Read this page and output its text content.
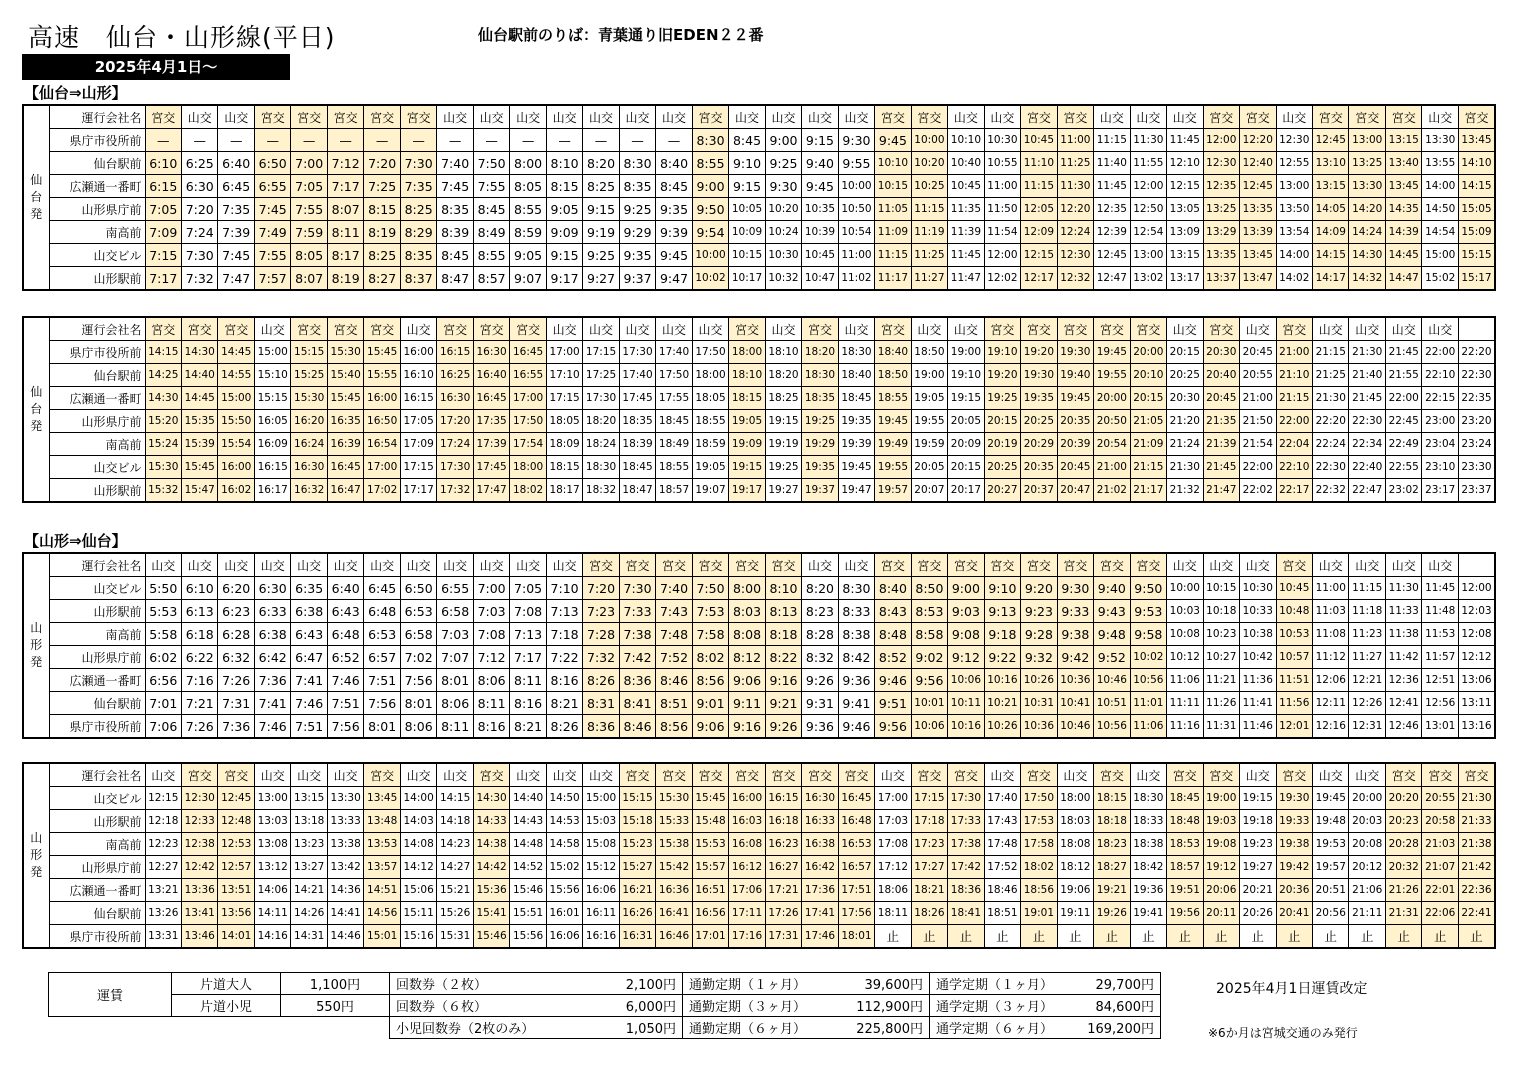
高速　仙台・山形線(平日)	仙台駅前のりば：青葉通り旧EDEN２２番
2025年4月1日～
【仙台⇒山形】
仙
台
発	運行会社名	宮交	山交	山交	宮交	宮交	宮交	宮交	宮交	山交	山交	山交	山交	山交	山交	山交	宮交	山交	山交	山交	山交	宮交	宮交	山交	山交	宮交	宮交	山交	山交	山交	宮交	宮交	山交	宮交	宮交	宮交	山交	宮交
	県庁市役所前	—	—	—	—	—	—	—	—	—	—	—	—	—	—	—	8:30	8:45	9:00	9:15	9:30	9:45	10:00	10:10	10:30	10:45	11:00	11:15	11:30	11:45	12:00	12:20	12:30	12:45	13:00	13:15	13:30	13:45
	仙台駅前	6:10	6:25	6:40	6:50	7:00	7:12	7:20	7:30	7:40	7:50	8:00	8:10	8:20	8:30	8:40	8:55	9:10	9:25	9:40	9:55	10:10	10:20	10:40	10:55	11:10	11:25	11:40	11:55	12:10	12:30	12:40	12:55	13:10	13:25	13:40	13:55	14:10
	広瀬通一番町	6:15	6:30	6:45	6:55	7:05	7:17	7:25	7:35	7:45	7:55	8:05	8:15	8:25	8:35	8:45	9:00	9:15	9:30	9:45	10:00	10:15	10:25	10:45	11:00	11:15	11:30	11:45	12:00	12:15	12:35	12:45	13:00	13:15	13:30	13:45	14:00	14:15
	山形県庁前	7:05	7:20	7:35	7:45	7:55	8:07	8:15	8:25	8:35	8:45	8:55	9:05	9:15	9:25	9:35	9:50	10:05	10:20	10:35	10:50	11:05	11:15	11:35	11:50	12:05	12:20	12:35	12:50	13:05	13:25	13:35	13:50	14:05	14:20	14:35	14:50	15:05
	南高前	7:09	7:24	7:39	7:49	7:59	8:11	8:19	8:29	8:39	8:49	8:59	9:09	9:19	9:29	9:39	9:54	10:09	10:24	10:39	10:54	11:09	11:19	11:39	11:54	12:09	12:24	12:39	12:54	13:09	13:29	13:39	13:54	14:09	14:24	14:39	14:54	15:09
	山交ビル	7:15	7:30	7:45	7:55	8:05	8:17	8:25	8:35	8:45	8:55	9:05	9:15	9:25	9:35	9:45	10:00	10:15	10:30	10:45	11:00	11:15	11:25	11:45	12:00	12:15	12:30	12:45	13:00	13:15	13:35	13:45	14:00	14:15	14:30	14:45	15:00	15:15
	山形駅前	7:17	7:32	7:47	7:57	8:07	8:19	8:27	8:37	8:47	8:57	9:07	9:17	9:27	9:37	9:47	10:02	10:17	10:32	10:47	11:02	11:17	11:27	11:47	12:02	12:17	12:32	12:47	13:02	13:17	13:37	13:47	14:02	14:17	14:32	14:47	15:02	15:17
仙
台
発	運行会社名	宮交	宮交	宮交	山交	宮交	宮交	宮交	山交	宮交	宮交	宮交	山交	山交	山交	山交	山交	宮交	山交	宮交	山交	宮交	山交	山交	宮交	宮交	宮交	宮交	宮交	山交	宮交	山交	宮交	山交	山交	山交	山交	
	県庁市役所前	14:15	14:30	14:45	15:00	15:15	15:30	15:45	16:00	16:15	16:30	16:45	17:00	17:15	17:30	17:40	17:50	18:00	18:10	18:20	18:30	18:40	18:50	19:00	19:10	19:20	19:30	19:45	20:00	20:15	20:30	20:45	21:00	21:15	21:30	21:45	22:00	22:20
	仙台駅前	14:25	14:40	14:55	15:10	15:25	15:40	15:55	16:10	16:25	16:40	16:55	17:10	17:25	17:40	17:50	18:00	18:10	18:20	18:30	18:40	18:50	19:00	19:10	19:20	19:30	19:40	19:55	20:10	20:25	20:40	20:55	21:10	21:25	21:40	21:55	22:10	22:30
	広瀬通一番町	14:30	14:45	15:00	15:15	15:30	15:45	16:00	16:15	16:30	16:45	17:00	17:15	17:30	17:45	17:55	18:05	18:15	18:25	18:35	18:45	18:55	19:05	19:15	19:25	19:35	19:45	20:00	20:15	20:30	20:45	21:00	21:15	21:30	21:45	22:00	22:15	22:35
	山形県庁前	15:20	15:35	15:50	16:05	16:20	16:35	16:50	17:05	17:20	17:35	17:50	18:05	18:20	18:35	18:45	18:55	19:05	19:15	19:25	19:35	19:45	19:55	20:05	20:15	20:25	20:35	20:50	21:05	21:20	21:35	21:50	22:00	22:20	22:30	22:45	23:00	23:20
	南高前	15:24	15:39	15:54	16:09	16:24	16:39	16:54	17:09	17:24	17:39	17:54	18:09	18:24	18:39	18:49	18:59	19:09	19:19	19:29	19:39	19:49	19:59	20:09	20:19	20:29	20:39	20:54	21:09	21:24	21:39	21:54	22:04	22:24	22:34	22:49	23:04	23:24
	山交ビル	15:30	15:45	16:00	16:15	16:30	16:45	17:00	17:15	17:30	17:45	18:00	18:15	18:30	18:45	18:55	19:05	19:15	19:25	19:35	19:45	19:55	20:05	20:15	20:25	20:35	20:45	21:00	21:15	21:30	21:45	22:00	22:10	22:30	22:40	22:55	23:10	23:30
	山形駅前	15:32	15:47	16:02	16:17	16:32	16:47	17:02	17:17	17:32	17:47	18:02	18:17	18:32	18:47	18:57	19:07	19:17	19:27	19:37	19:47	19:57	20:07	20:17	20:27	20:37	20:47	21:02	21:17	21:32	21:47	22:02	22:17	22:32	22:47	23:02	23:17	23:37
【山形⇒仙台】
山
形
発	運行会社名	山交	山交	山交	山交	山交	山交	山交	山交	山交	山交	山交	山交	宮交	宮交	宮交	宮交	宮交	宮交	山交	山交	宮交	宮交	宮交	宮交	宮交	宮交	宮交	宮交	山交	山交	山交	宮交	山交	山交	山交	山交	
	山交ビル	5:50	6:10	6:20	6:30	6:35	6:40	6:45	6:50	6:55	7:00	7:05	7:10	7:20	7:30	7:40	7:50	8:00	8:10	8:20	8:30	8:40	8:50	9:00	9:10	9:20	9:30	9:40	9:50	10:00	10:15	10:30	10:45	11:00	11:15	11:30	11:45	12:00
	山形駅前	5:53	6:13	6:23	6:33	6:38	6:43	6:48	6:53	6:58	7:03	7:08	7:13	7:23	7:33	7:43	7:53	8:03	8:13	8:23	8:33	8:43	8:53	9:03	9:13	9:23	9:33	9:43	9:53	10:03	10:18	10:33	10:48	11:03	11:18	11:33	11:48	12:03
	南高前	5:58	6:18	6:28	6:38	6:43	6:48	6:53	6:58	7:03	7:08	7:13	7:18	7:28	7:38	7:48	7:58	8:08	8:18	8:28	8:38	8:48	8:58	9:08	9:18	9:28	9:38	9:48	9:58	10:08	10:23	10:38	10:53	11:08	11:23	11:38	11:53	12:08
	山形県庁前	6:02	6:22	6:32	6:42	6:47	6:52	6:57	7:02	7:07	7:12	7:17	7:22	7:32	7:42	7:52	8:02	8:12	8:22	8:32	8:42	8:52	9:02	9:12	9:22	9:32	9:42	9:52	10:02	10:12	10:27	10:42	10:57	11:12	11:27	11:42	11:57	12:12
	広瀬通一番町	6:56	7:16	7:26	7:36	7:41	7:46	7:51	7:56	8:01	8:06	8:11	8:16	8:26	8:36	8:46	8:56	9:06	9:16	9:26	9:36	9:46	9:56	10:06	10:16	10:26	10:36	10:46	10:56	11:06	11:21	11:36	11:51	12:06	12:21	12:36	12:51	13:06
	仙台駅前	7:01	7:21	7:31	7:41	7:46	7:51	7:56	8:01	8:06	8:11	8:16	8:21	8:31	8:41	8:51	9:01	9:11	9:21	9:31	9:41	9:51	10:01	10:11	10:21	10:31	10:41	10:51	11:01	11:11	11:26	11:41	11:56	12:11	12:26	12:41	12:56	13:11
	県庁市役所前	7:06	7:26	7:36	7:46	7:51	7:56	8:01	8:06	8:11	8:16	8:21	8:26	8:36	8:46	8:56	9:06	9:16	9:26	9:36	9:46	9:56	10:06	10:16	10:26	10:36	10:46	10:56	11:06	11:16	11:31	11:46	12:01	12:16	12:31	12:46	13:01	13:16
山
形
発	運行会社名	山交	宮交	宮交	山交	山交	山交	宮交	山交	山交	宮交	山交	山交	山交	宮交	宮交	宮交	宮交	宮交	宮交	宮交	山交	宮交	宮交	山交	宮交	山交	宮交	山交	宮交	宮交	山交	宮交	山交	山交	宮交	宮交	宮交
	山交ビル	12:15	12:30	12:45	13:00	13:15	13:30	13:45	14:00	14:15	14:30	14:40	14:50	15:00	15:15	15:30	15:45	16:00	16:15	16:30	16:45	17:00	17:15	17:30	17:40	17:50	18:00	18:15	18:30	18:45	19:00	19:15	19:30	19:45	20:00	20:20	20:55	21:30
	山形駅前	12:18	12:33	12:48	13:03	13:18	13:33	13:48	14:03	14:18	14:33	14:43	14:53	15:03	15:18	15:33	15:48	16:03	16:18	16:33	16:48	17:03	17:18	17:33	17:43	17:53	18:03	18:18	18:33	18:48	19:03	19:18	19:33	19:48	20:03	20:23	20:58	21:33
	南高前	12:23	12:38	12:53	13:08	13:23	13:38	13:53	14:08	14:23	14:38	14:48	14:58	15:08	15:23	15:38	15:53	16:08	16:23	16:38	16:53	17:08	17:23	17:38	17:48	17:58	18:08	18:23	18:38	18:53	19:08	19:23	19:38	19:53	20:08	20:28	21:03	21:38
	山形県庁前	12:27	12:42	12:57	13:12	13:27	13:42	13:57	14:12	14:27	14:42	14:52	15:02	15:12	15:27	15:42	15:57	16:12	16:27	16:42	16:57	17:12	17:27	17:42	17:52	18:02	18:12	18:27	18:42	18:57	19:12	19:27	19:42	19:57	20:12	20:32	21:07	21:42
	広瀬通一番町	13:21	13:36	13:51	14:06	14:21	14:36	14:51	15:06	15:21	15:36	15:46	15:56	16:06	16:21	16:36	16:51	17:06	17:21	17:36	17:51	18:06	18:21	18:36	18:46	18:56	19:06	19:21	19:36	19:51	20:06	20:21	20:36	20:51	21:06	21:26	22:01	22:36
	仙台駅前	13:26	13:41	13:56	14:11	14:26	14:41	14:56	15:11	15:26	15:41	15:51	16:01	16:11	16:26	16:41	16:56	17:11	17:26	17:41	17:56	18:11	18:26	18:41	18:51	19:01	19:11	19:26	19:41	19:56	20:11	20:26	20:41	20:56	21:11	21:31	22:06	22:41
	県庁市役所前	13:31	13:46	14:01	14:16	14:31	14:46	15:01	15:16	15:31	15:46	15:56	16:06	16:16	16:31	16:46	17:01	17:16	17:31	17:46	18:01	止	止	止	止	止	止	止	止	止	止	止	止	止	止	止	止	止
運賃	片道大人	1,100円	回数券（２枚）	2,100円	通勤定期（１ヶ月）	39,600円	通学定期（１ヶ月）	29,700円
	片道小児	550円	回数券（６枚）	6,000円	通勤定期（３ヶ月）	112,900円	通学定期（３ヶ月）	84,600円
			小児回数券（2枚のみ）	1,050円	通勤定期（６ヶ月）	225,800円	通学定期（６ヶ月）	169,200円
2025年4月1日運賃改定
※6か月は宮城交通のみ発行
